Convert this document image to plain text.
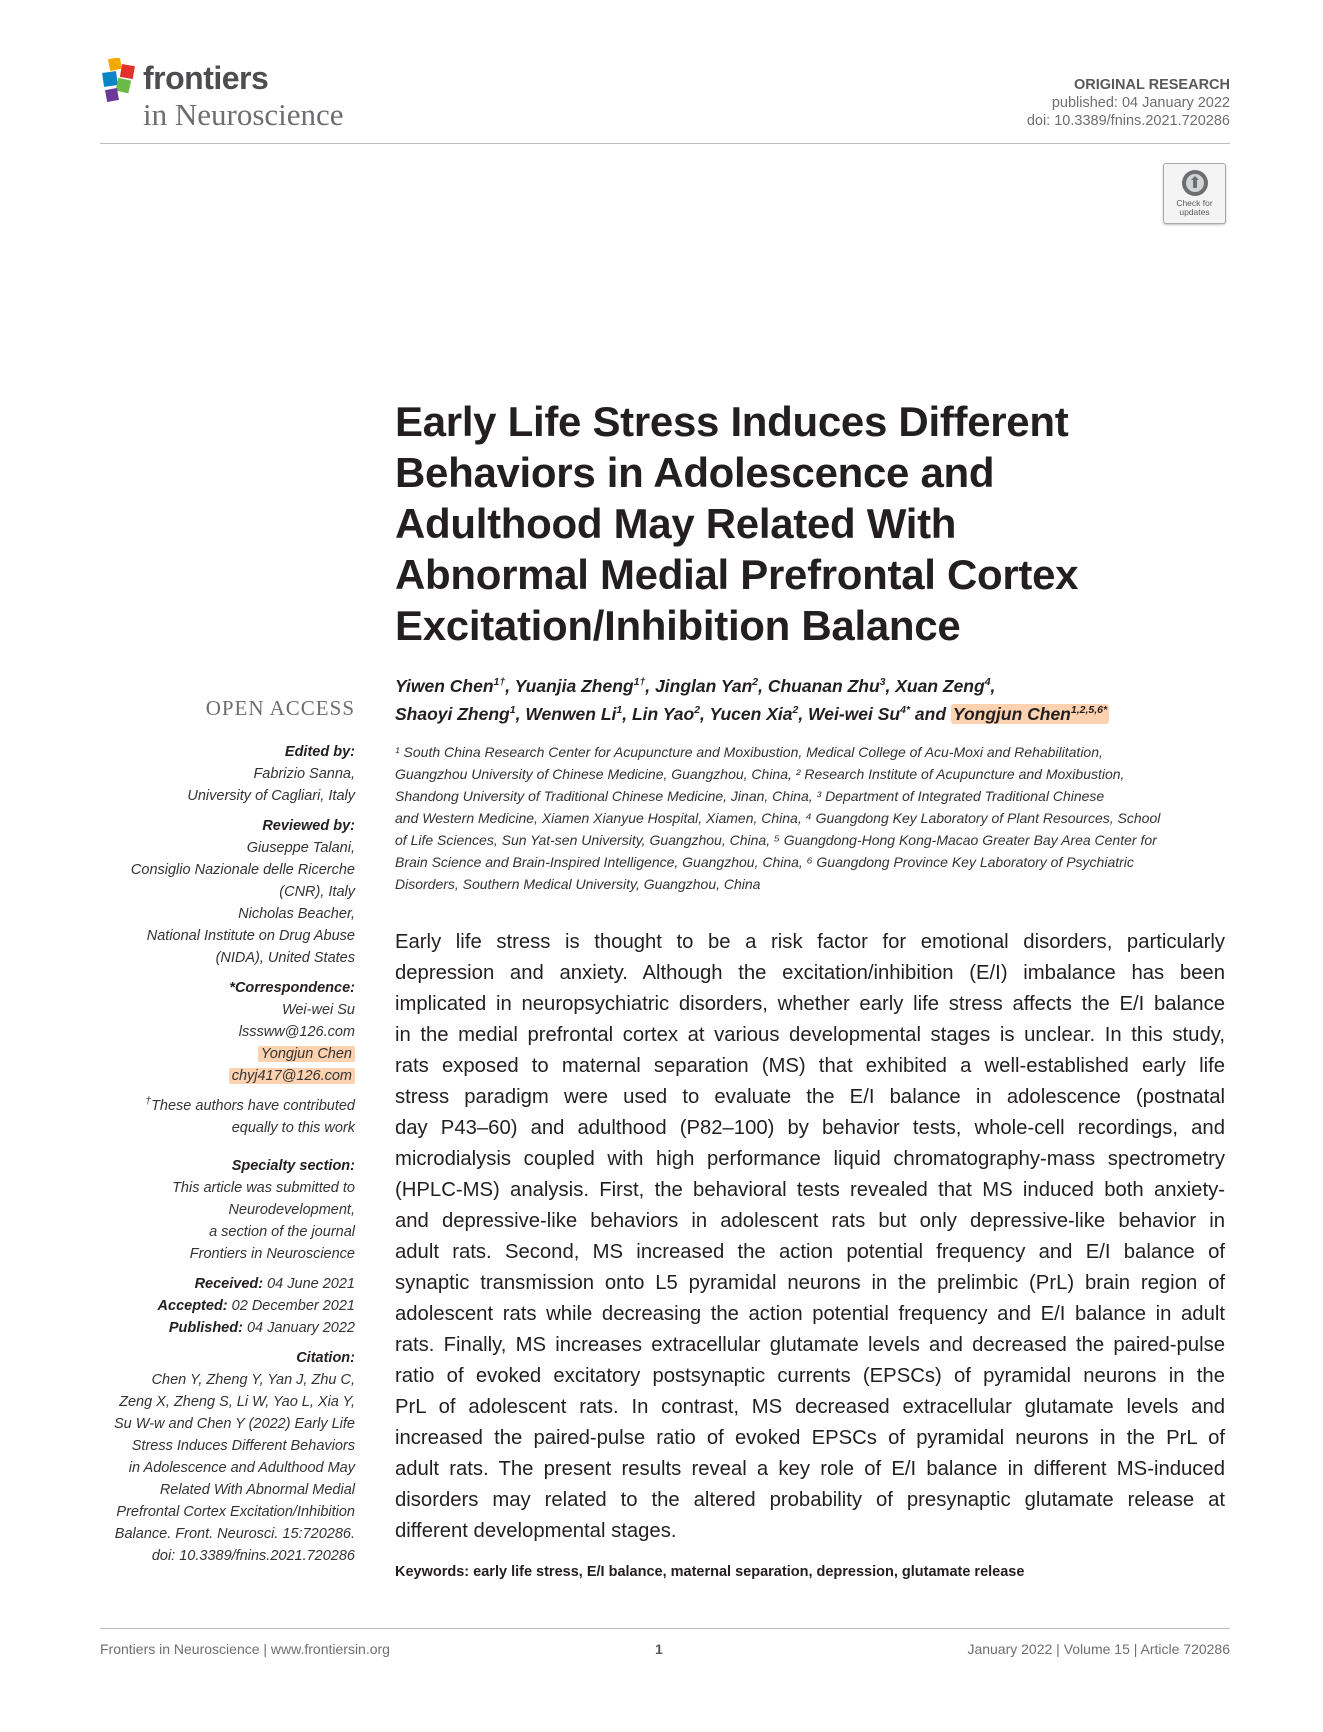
frontiers
in Neuroscience
ORIGINAL RESEARCH
published: 04 January 2022
doi: 10.3389/fnins.2021.720286
Check for
updates
Early Life Stress Induces Different
Behaviors in Adolescence and
Adulthood May Related With
Abnormal Medial Prefrontal Cortex
Excitation/Inhibition Balance
Yiwen Chen$^{1\dagger}$, Yuanjia Zheng$^{1\dagger}$, Jinglan Yan$^2$, Chuanan Zhu$^3$, Xuan Zeng$^4$,
Shaoyi Zheng$^1$, Wenwen Li$^1$, Lin Yao$^2$, Yucen Xia$^2$, Wei-wei $Su^{4*}$ and Yongjun Chen$^{1,2,5,6*}$
¹ South China Research Center for Acupuncture and Moxibustion, Medical College of Acu-Moxi and Rehabilitation,
Guangzhou University of Chinese Medicine, Guangzhou, China, ² Research Institute of Acupuncture and Moxibustion,
Shandong University of Traditional Chinese Medicine, Jinan, China, ³ Department of Integrated Traditional Chinese
and Western Medicine, Xiamen Xianyue Hospital, Xiamen, China, ⁴ Guangdong Key Laboratory of Plant Resources, School
of Life Sciences, Sun Yat-sen University, Guangzhou, China, ⁵ Guangdong-Hong Kong-Macao Greater Bay Area Center for
Brain Science and Brain-Inspired Intelligence, Guangzhou, China, ⁶ Guangdong Province Key Laboratory of Psychiatric
Disorders, Southern Medical University, Guangzhou, China
Early life stress is thought to be a risk factor for emotional disorders, particularly
depression and anxiety. Although the excitation/inhibition (E/I) imbalance has been
implicated in neuropsychiatric disorders, whether early life stress affects the E/I balance
in the medial prefrontal cortex at various developmental stages is unclear. In this study,
rats exposed to maternal separation (MS) that exhibited a well-established early life
stress paradigm were used to evaluate the E/I balance in adolescence (postnatal
day P43–60) and adulthood (P82–100) by behavior tests, whole-cell recordings, and
microdialysis coupled with high performance liquid chromatography-mass spectrometry
(HPLC-MS) analysis. First, the behavioral tests revealed that MS induced both anxiety-
and depressive-like behaviors in adolescent rats but only depressive-like behavior in
adult rats. Second, MS increased the action potential frequency and E/I balance of
synaptic transmission onto L5 pyramidal neurons in the prelimbic (PrL) brain region of
adolescent rats while decreasing the action potential frequency and E/I balance in adult
rats. Finally, MS increases extracellular glutamate levels and decreased the paired-pulse
ratio of evoked excitatory postsynaptic currents (EPSCs) of pyramidal neurons in the
PrL of adolescent rats. In contrast, MS decreased extracellular glutamate levels and
increased the paired-pulse ratio of evoked EPSCs of pyramidal neurons in the PrL of
adult rats. The present results reveal a key role of E/I balance in different MS-induced
disorders may related to the altered probability of presynaptic glutamate release at
different developmental stages.
Keywords: early life stress, E/I balance, maternal separation, depression, glutamate release
OPEN ACCESS
Edited by:
Fabrizio Sanna,
University of Cagliari, Italy
Reviewed by:
Giuseppe Talani,
Consiglio Nazionale delle Ricerche
(CNR), Italy
Nicholas Beacher,
National Institute on Drug Abuse
(NIDA), United States
*Correspondence:
Wei-wei Su
lsssww@126.com
Yongjun Chen
chyj417@126.com
†These authors have contributed
equally to this work
Specialty section:
This article was submitted to
Neurodevelopment,
a section of the journal
Frontiers in Neuroscience
Received: 04 June 2021
Accepted: 02 December 2021
Published: 04 January 2022
Citation:
Chen Y, Zheng Y, Yan J, Zhu C,
Zeng X, Zheng S, Li W, Yao L, Xia Y,
Su W-w and Chen Y (2022) Early Life
Stress Induces Different Behaviors
in Adolescence and Adulthood May
Related With Abnormal Medial
Prefrontal Cortex Excitation/Inhibition
Balance. Front. Neurosci. 15:720286.
doi: 10.3389/fnins.2021.720286
Frontiers in Neuroscience | www.frontiersin.org	1	January 2022 | Volume 15 | Article 720286
